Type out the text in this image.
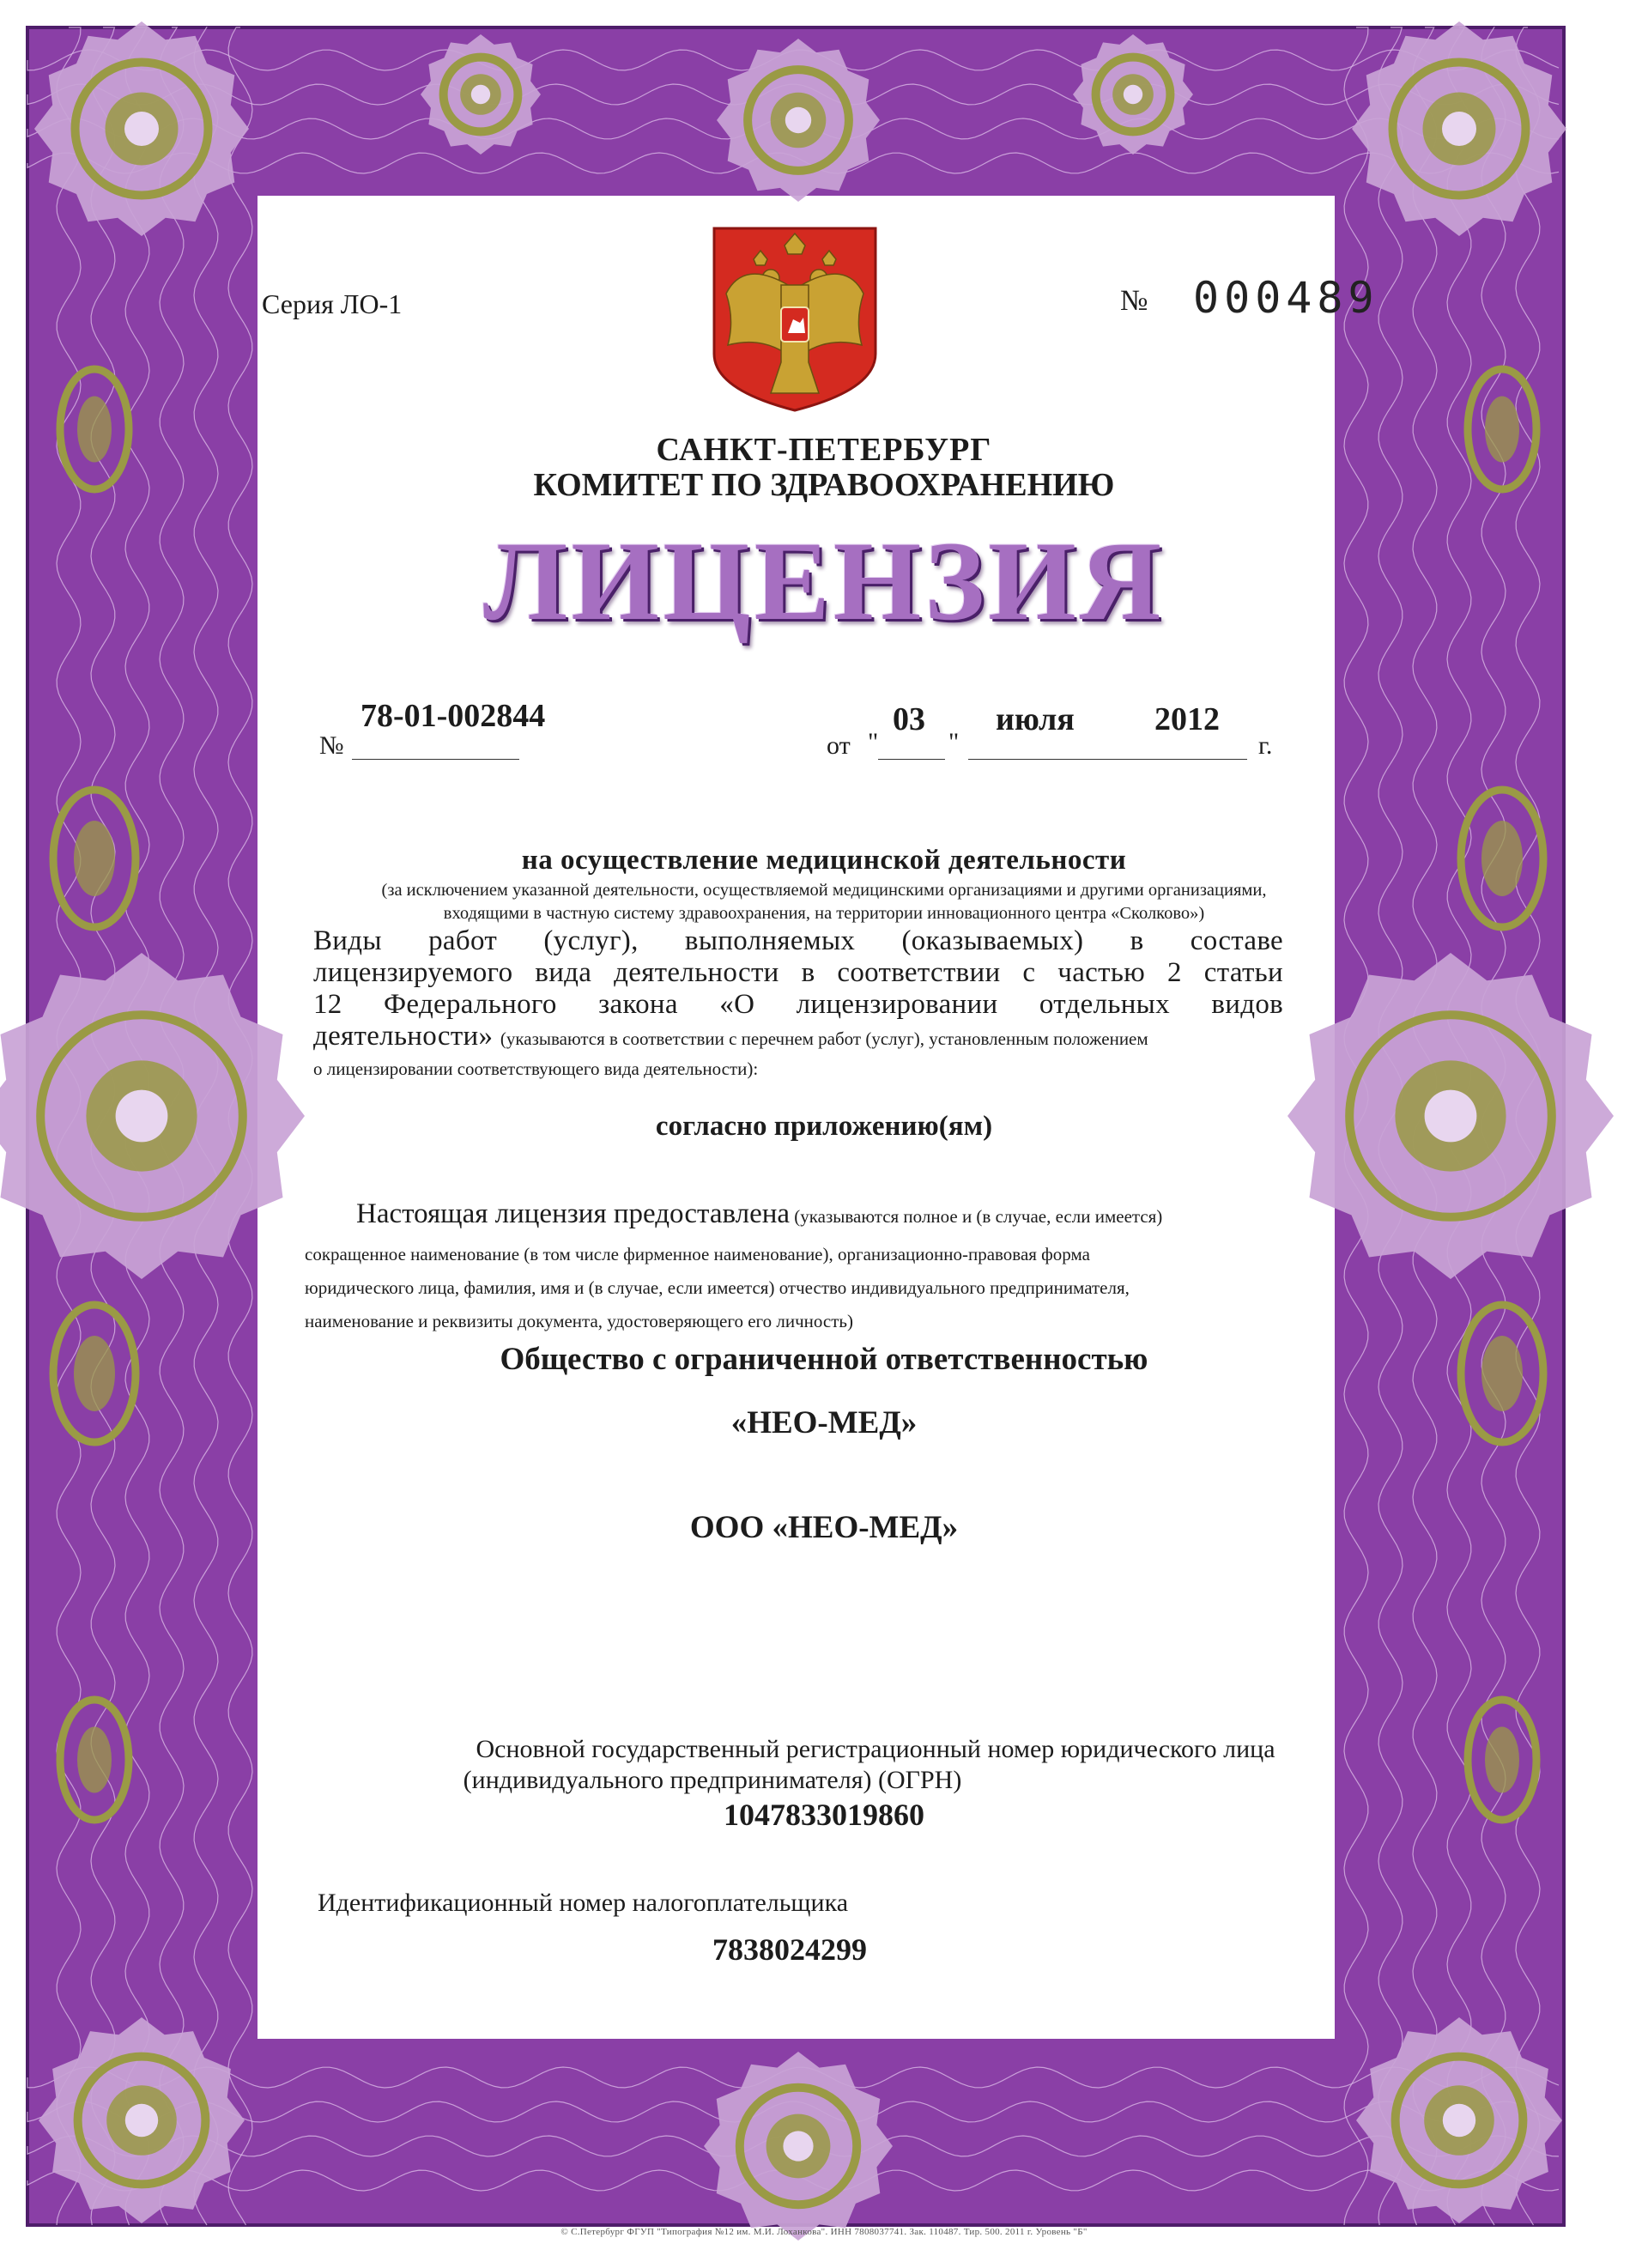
Серия ЛО-1	№ 000489
САНКТ-ПЕТЕРБУРГ
КОМИТЕТ ПО ЗДРАВООХРАНЕНИЮ
ЛИЦЕНЗИЯ
№
78-01-002844
от "
03
"
июля 2012
г.
на осуществление медицинской деятельности
(за исключением указанной деятельности, осуществляемой медицинскими организациями и другими организациями,
входящими в частную систему здравоохранения, на территории инновационного центра «Сколково»)
Виды работ (услуг), выполняемых (оказываемых) в составе
лицензируемого вида деятельности в соответствии с частью 2 статьи
12 Федерального закона «О лицензировании отдельных видов
деятельности» (указываются в соответствии с перечнем работ (услуг), установленным положением
о лицензировании соответствующего вида деятельности):
согласно приложению(ям)
Настоящая лицензия предоставлена (указываются полное и (в случае, если имеется)
сокращенное наименование (в том числе фирменное наименование), организационно-правовая форма
юридического лица, фамилия, имя и (в случае, если имеется) отчество индивидуального предпринимателя,
наименование и реквизиты документа, удостоверяющего его личность)
Общество с ограниченной ответственностью
«НЕО-МЕД»
ООО «НЕО-МЕД»
Основной государственный регистрационный номер юридического лица
(индивидуального предпринимателя) (ОГРН)
1047833019860
Идентификационный номер налогоплательщика
7838024299
© С.Петербург ФГУП "Типография №12 им. М.И. Лоханкова". ИНН 7808037741. Зак. 110487. Тир. 500. 2011 г. Уровень "Б"
